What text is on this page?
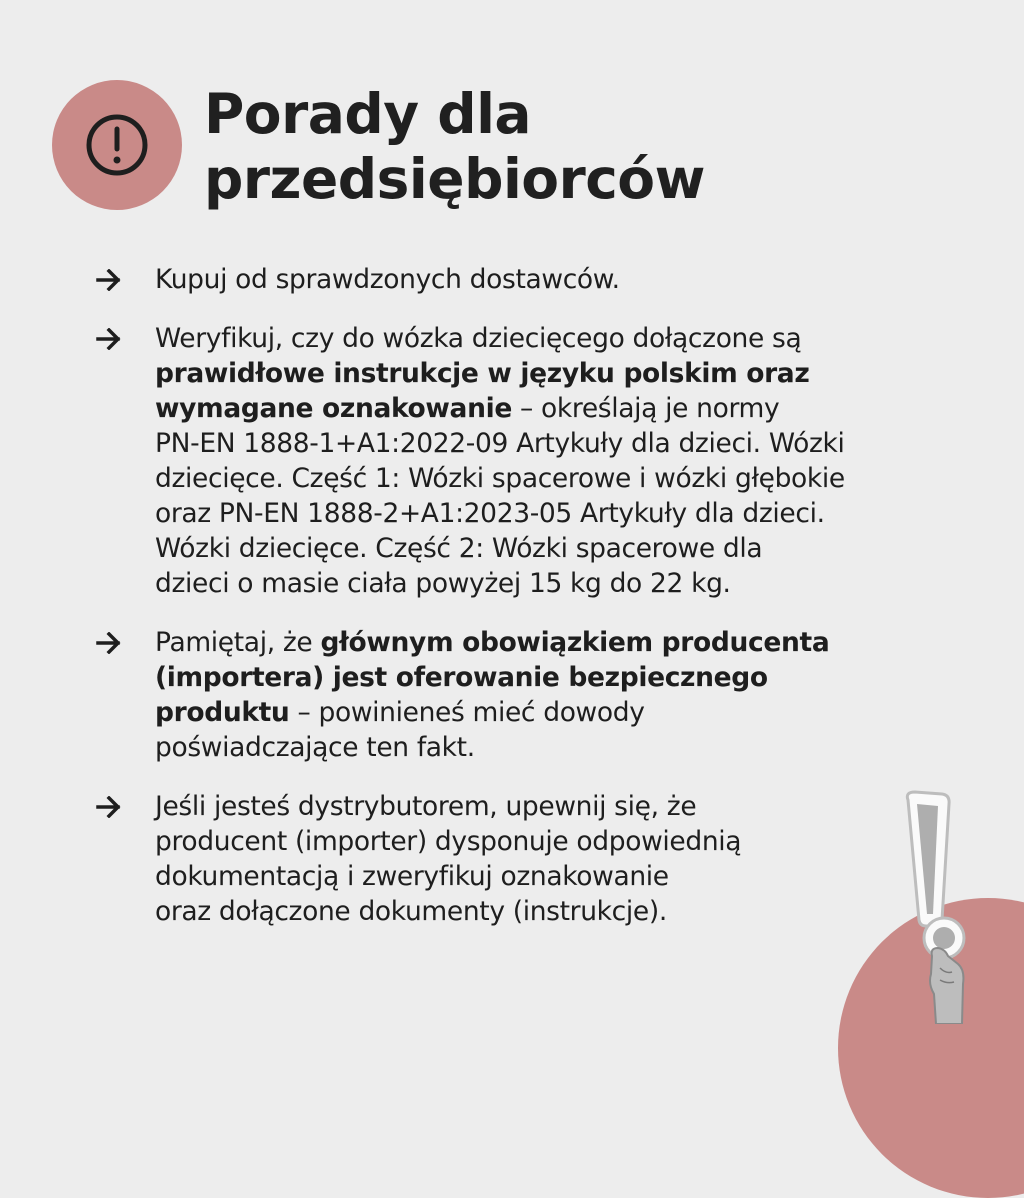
Porady dla
przedsiębiorców
Kupuj od sprawdzonych dostawców.
Weryfikuj, czy do wózka dziecięcego dołączone są
prawidłowe instrukcje w języku polskim oraz
wymagane oznakowanie – określają je normy
PN-EN 1888-1+A1:2022-09 Artykuły dla dzieci. Wózki
dziecięce. Część 1: Wózki spacerowe i wózki głębokie
oraz PN-EN 1888-2+A1:2023-05 Artykuły dla dzieci.
Wózki dziecięce. Część 2: Wózki spacerowe dla
dzieci o masie ciała powyżej 15 kg do 22 kg.
Pamiętaj, że głównym obowiązkiem producenta
(importera) jest oferowanie bezpiecznego
produktu – powinieneś mieć dowody
poświadczające ten fakt.
Jeśli jesteś dystrybutorem, upewnij się, że
producent (importer) dysponuje odpowiednią
dokumentacją i zweryfikuj oznakowanie
oraz dołączone dokumenty (instrukcje).
